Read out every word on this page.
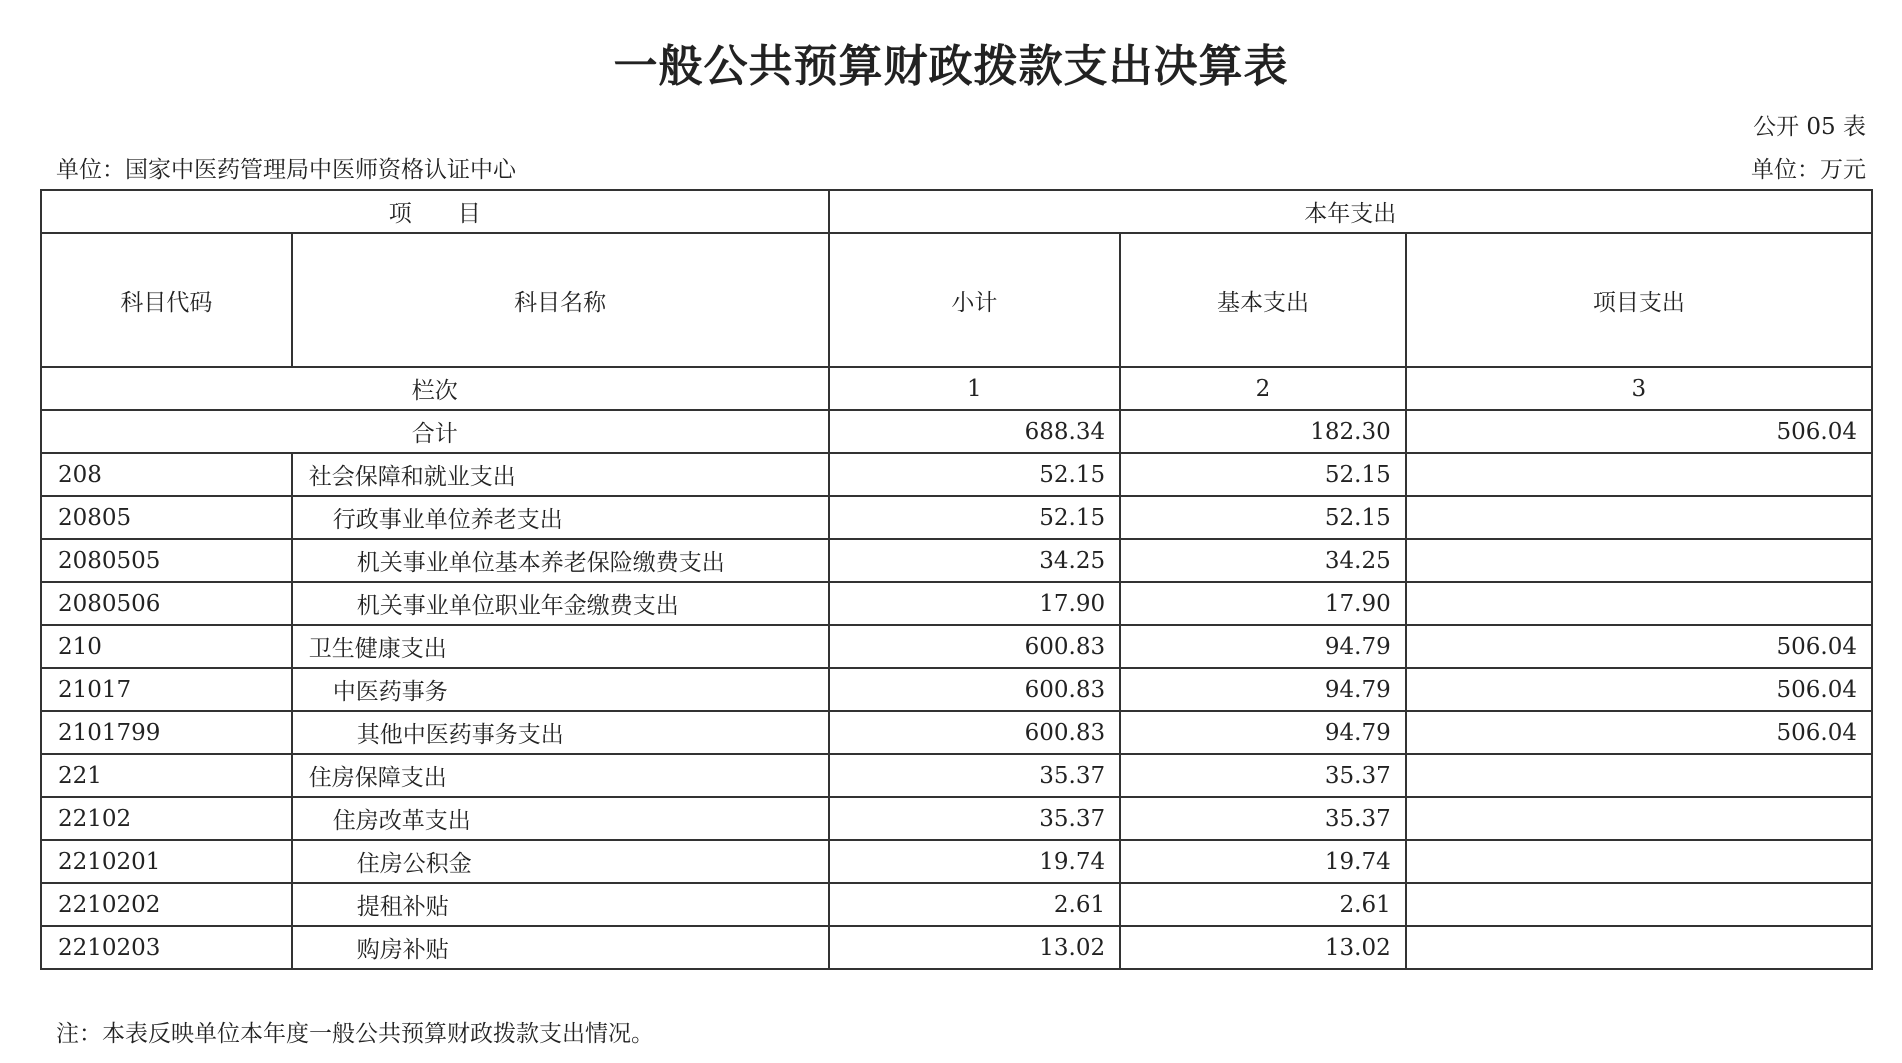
一般公共预算财政拨款支出决算表
公开 05 表
单位：国家中医药管理局中医师资格认证中心	单位：万元
项　　目		本年支出		
科目代码	科目名称	小计	基本支出	项目支出
栏次		1	2	3
合计		688.34	182.30	506.04
208	社会保障和就业支出	52.15	52.15	
20805	行政事业单位养老支出	52.15	52.15	
2080505	机关事业单位基本养老保险缴费支出	34.25	34.25	
2080506	机关事业单位职业年金缴费支出	17.90	17.90	
210	卫生健康支出	600.83	94.79	506.04
21017	中医药事务	600.83	94.79	506.04
2101799	其他中医药事务支出	600.83	94.79	506.04
221	住房保障支出	35.37	35.37	
22102	住房改革支出	35.37	35.37	
2210201	住房公积金	19.74	19.74	
2210202	提租补贴	2.61	2.61	
2210203	购房补贴	13.02	13.02	
注：本表反映单位本年度一般公共预算财政拨款支出情况。
